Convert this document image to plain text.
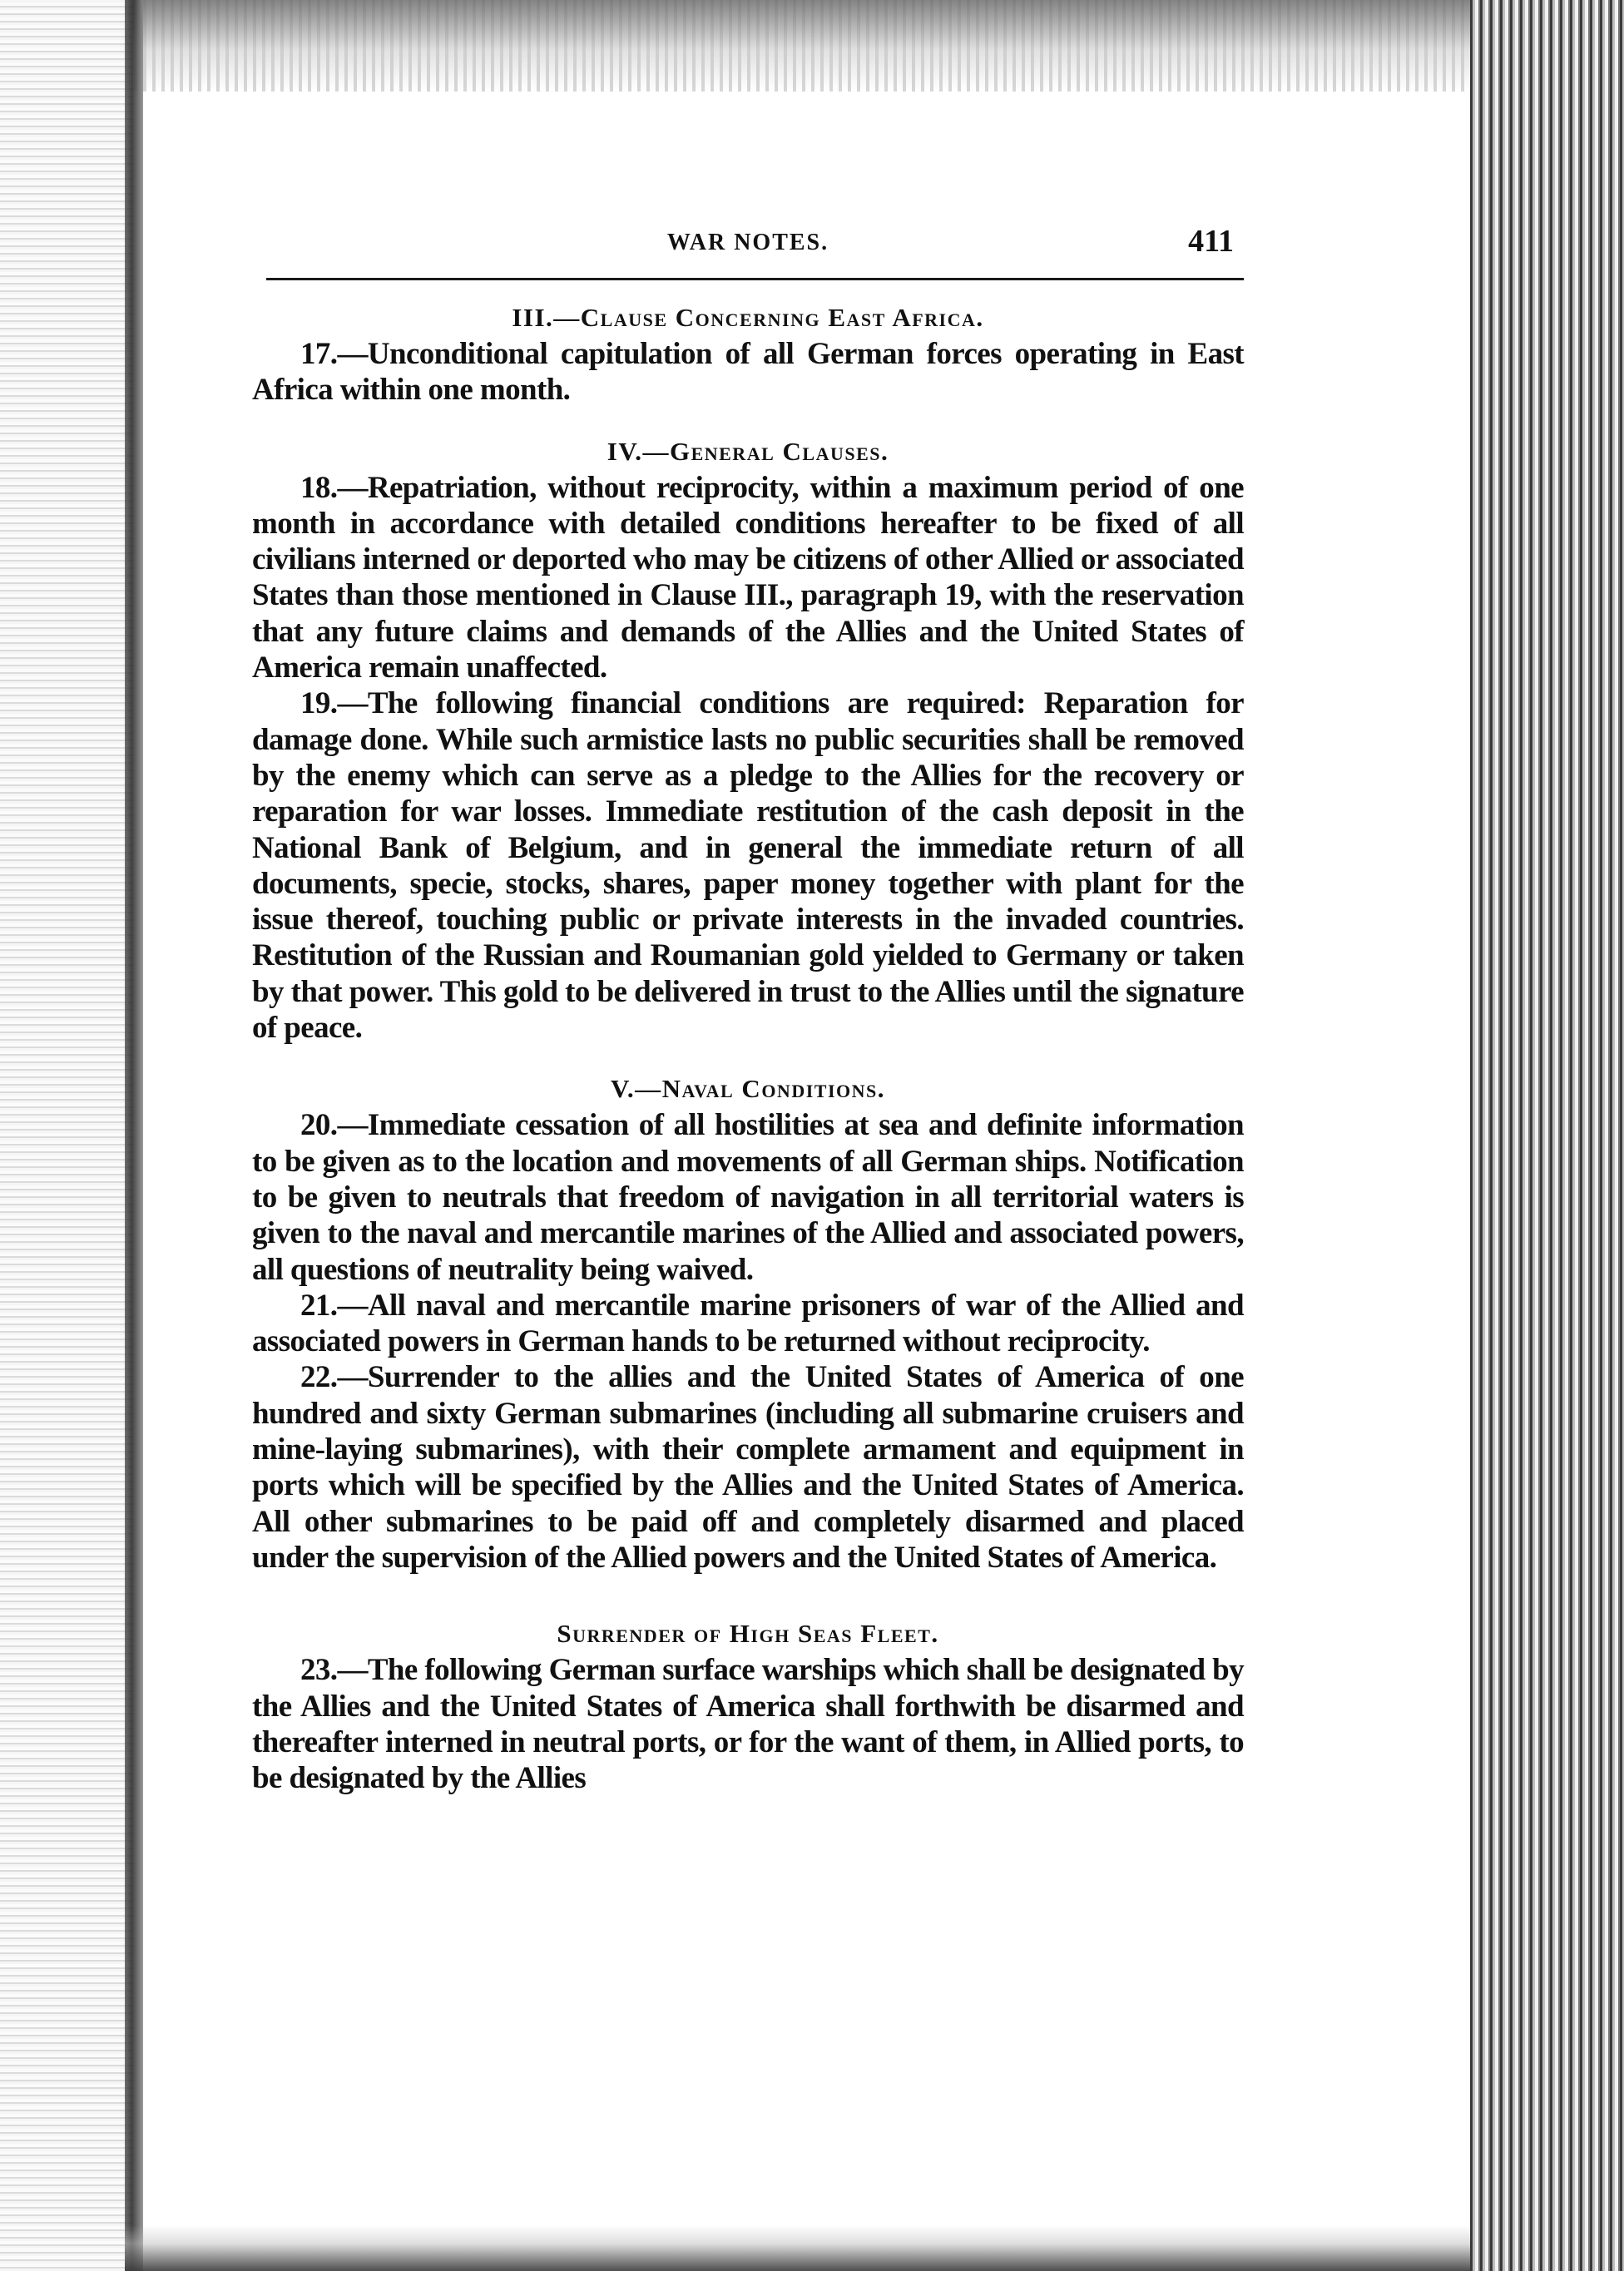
WAR NOTES.	411

III.—Clause Concerning East Africa.

17.—Unconditional capitulation of all German forces operating in East Africa within one month.

IV.—General Clauses.

18.—Repatriation, without reciprocity, within a maximum period of one month in accordance with detailed conditions hereafter to be fixed of all civilians interned or deported who may be citizens of other Allied or associated States than those mentioned in Clause III., paragraph 19, with the reservation that any future claims and demands of the Allies and the United States of America remain unaffected.

19.—The following financial conditions are required: Reparation for damage done. While such armistice lasts no public securities shall be removed by the enemy which can serve as a pledge to the Allies for the recovery or reparation for war losses. Immediate restitution of the cash deposit in the National Bank of Belgium, and in general the immediate return of all documents, specie, stocks, shares, paper money together with plant for the issue thereof, touching public or private interests in the invaded countries. Restitution of the Russian and Roumanian gold yielded to Germany or taken by that power. This gold to be delivered in trust to the Allies until the signature of peace.

V.—Naval Conditions.

20.—Immediate cessation of all hostilities at sea and definite information to be given as to the location and movements of all German ships. Notification to be given to neutrals that freedom of navigation in all territorial waters is given to the naval and mercantile marines of the Allied and associated powers, all questions of neutrality being waived.

21.—All naval and mercantile marine prisoners of war of the Allied and associated powers in German hands to be returned without reciprocity.

22.—Surrender to the allies and the United States of America of one hundred and sixty German submarines (including all submarine cruisers and mine-laying submarines), with their complete armament and equipment in ports which will be specified by the Allies and the United States of America. All other submarines to be paid off and completely disarmed and placed under the supervision of the Allied powers and the United States of America.

Surrender of High Seas Fleet.

23.—The following German surface warships which shall be designated by the Allies and the United States of America shall forthwith be disarmed and thereafter interned in neutral ports, or for the want of them, in Allied ports, to be designated by the Allies
